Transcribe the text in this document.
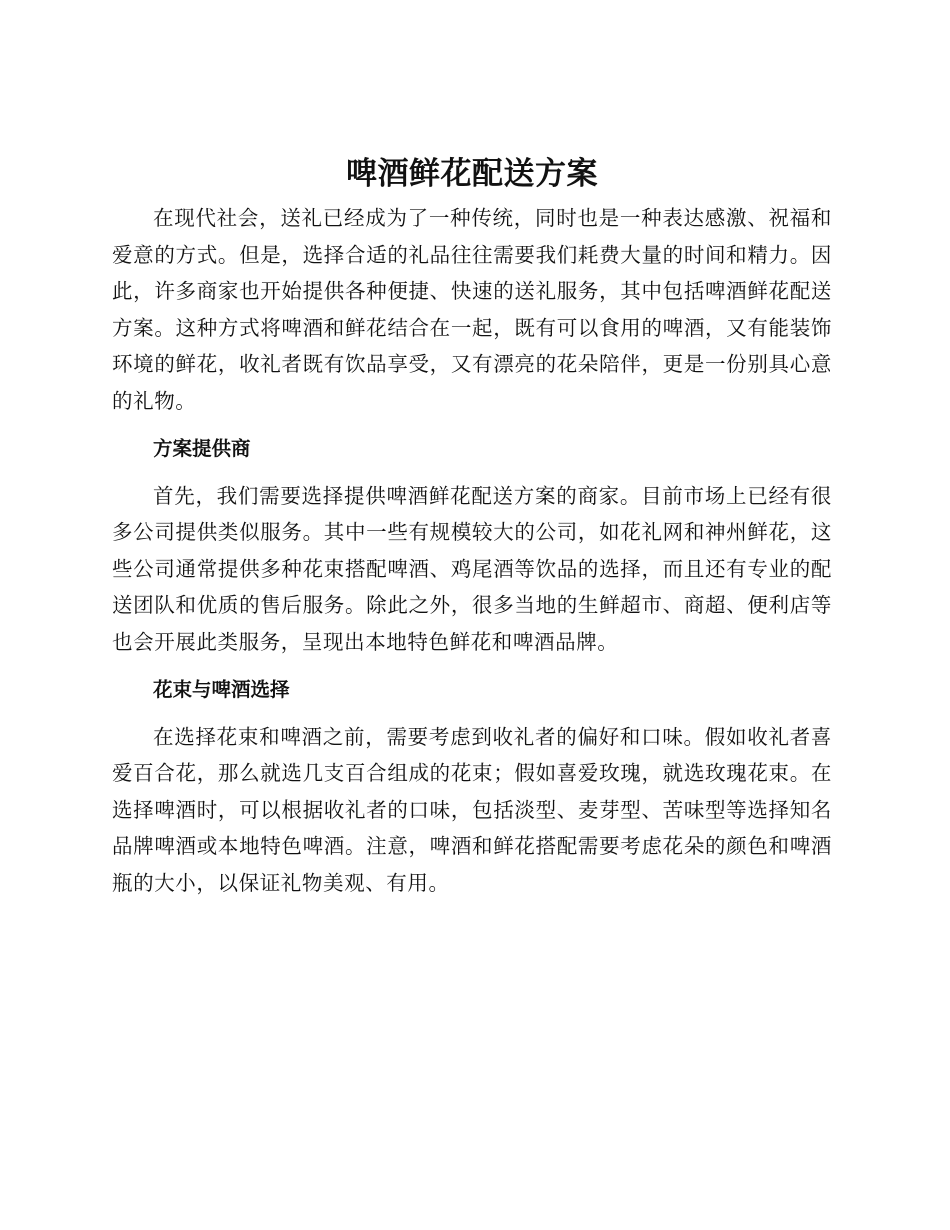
啤酒鲜花配送方案

在现代社会，送礼已经成为了一种传统，同时也是一种表达感激、祝福和爱意的方式。但是，选择合适的礼品往往需要我们耗费大量的时间和精力。因此，许多商家也开始提供各种便捷、快速的送礼服务，其中包括啤酒鲜花配送方案。这种方式将啤酒和鲜花结合在一起，既有可以食用的啤酒，又有能装饰环境的鲜花，收礼者既有饮品享受，又有漂亮的花朵陪伴，更是一份别具心意的礼物。

方案提供商

首先，我们需要选择提供啤酒鲜花配送方案的商家。目前市场上已经有很多公司提供类似服务。其中一些有规模较大的公司，如花礼网和神州鲜花，这些公司通常提供多种花束搭配啤酒、鸡尾酒等饮品的选择，而且还有专业的配送团队和优质的售后服务。除此之外，很多当地的生鲜超市、商超、便利店等也会开展此类服务，呈现出本地特色鲜花和啤酒品牌。

花束与啤酒选择

在选择花束和啤酒之前，需要考虑到收礼者的偏好和口味。假如收礼者喜爱百合花，那么就选几支百合组成的花束；假如喜爱玫瑰，就选玫瑰花束。在选择啤酒时，可以根据收礼者的口味，包括淡型、麦芽型、苦味型等选择知名品牌啤酒或本地特色啤酒。注意，啤酒和鲜花搭配需要考虑花朵的颜色和啤酒瓶的大小，以保证礼物美观、有用。
